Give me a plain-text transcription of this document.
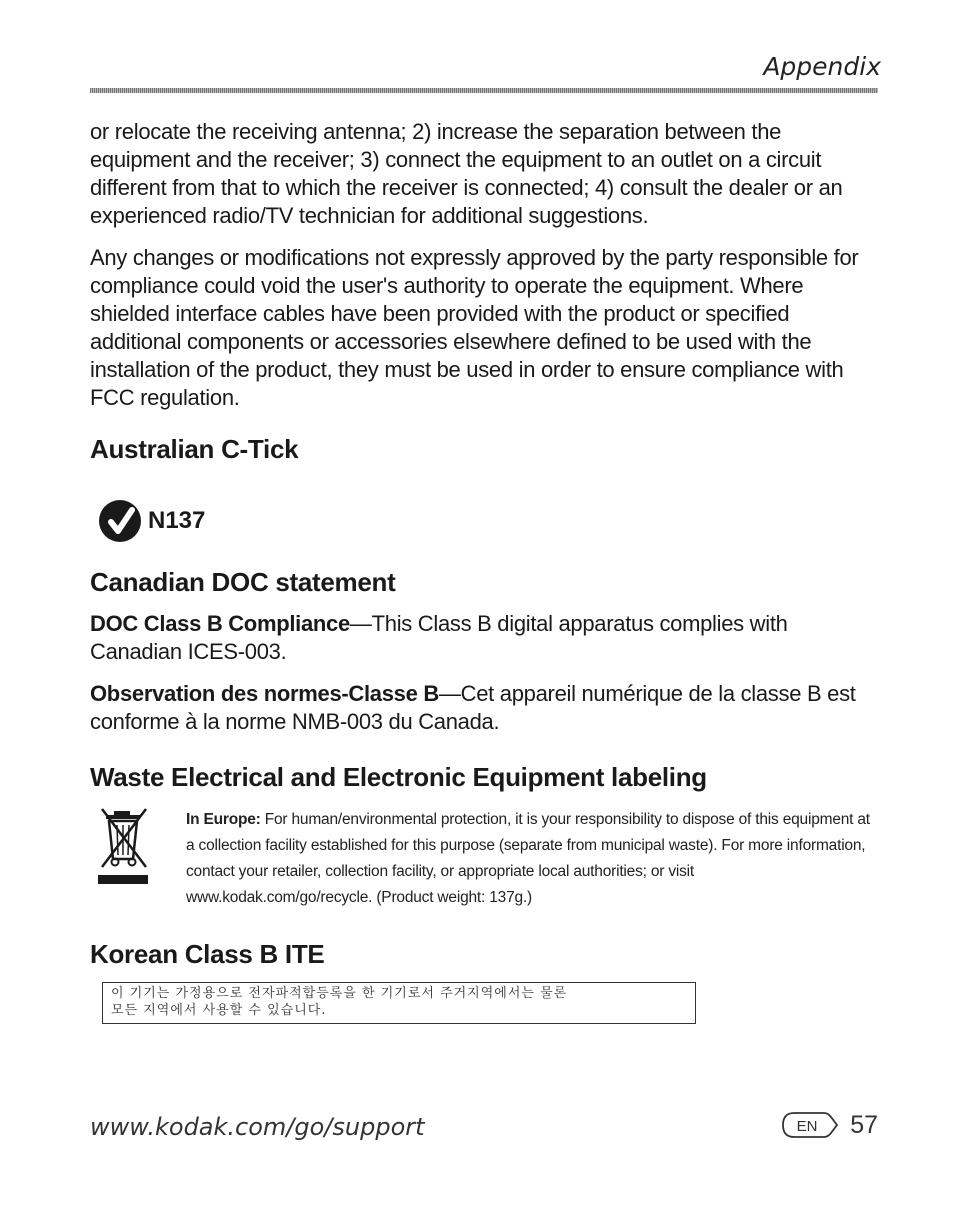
Appendix

or relocate the receiving antenna; 2) increase the separation between the equipment and the receiver; 3) connect the equipment to an outlet on a circuit different from that to which the receiver is connected; 4) consult the dealer or an experienced radio/TV technician for additional suggestions.

Any changes or modifications not expressly approved by the party responsible for compliance could void the user's authority to operate the equipment. Where shielded interface cables have been provided with the product or specified additional components or accessories elsewhere defined to be used with the installation of the product, they must be used in order to ensure compliance with FCC regulation.

Australian C-Tick
N137
Canadian DOC statement

DOC Class B Compliance—This Class B digital apparatus complies with Canadian ICES-003.

Observation des normes-Classe B—Cet appareil numérique de la classe B est conforme à la norme NMB-003 du Canada.

Waste Electrical and Electronic Equipment labeling
In Europe: For human/environmental protection, it is your responsibility to dispose of this equipment at a collection facility established for this purpose (separate from municipal waste). For more information, contact your retailer, collection facility, or appropriate local authorities; or visit www.kodak.com/go/recycle. (Product weight: 137g.)
Korean Class B ITE
이 기기는 가정용으로 전자파적합등록을 한 기기로서 주거지역에서는 물론
모든 지역에서 사용할 수 있습니다.
www.kodak.com/go/support	EN 57
